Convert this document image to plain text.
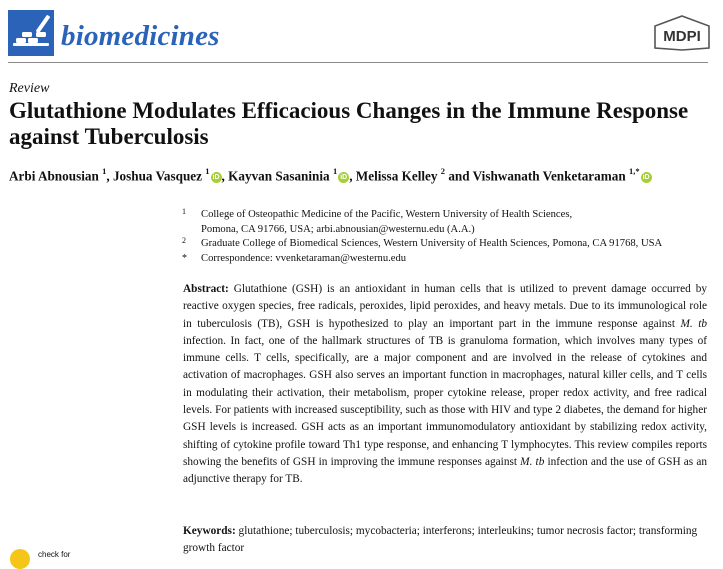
biomedicines	MDPI
Review
Glutathione Modulates Efficacious Changes in the Immune Response against Tuberculosis
Arbi Abnousian $^1$, Joshua Vasquez $^1$iD , Kayvan Sasaninia $^1$iD , Melissa Kelley $^2$ and Vishwanath Venketaraman $^{1,*}$iD
1 College of Osteopathic Medicine of the Pacific, Western University of Health Sciences,
Pomona, CA 91766, USA; arbi.abnousian@westernu.edu (A.A.)
2 Graduate College of Biomedical Sciences, Western University of Health Sciences, Pomona, CA 91768, USA
* Correspondence: vvenketaraman@westernu.edu
Abstract: Glutathione (GSH) is an antioxidant in human cells that is utilized to prevent damage occurred by reactive oxygen species, free radicals, peroxides, lipid peroxides, and heavy metals. Due to its immunological role in tuberculosis (TB), GSH is hypothesized to play an important part in the immune response against M. tb infection. In fact, one of the hallmark structures of TB is granuloma formation, which involves many types of immune cells. T cells, specifically, are a major component and are involved in the release of cytokines and activation of macrophages. GSH also serves an important function in macrophages, natural killer cells, and T cells in modulating their activation, their metabolism, proper cytokine release, proper redox activity, and free radical levels. For patients with increased susceptibility, such as those with HIV and type 2 diabetes, the demand for higher GSH levels is increased. GSH acts as an important immunomodulatory antioxidant by stabilizing redox activity, shifting of cytokine profile toward Th1 type response, and enhancing T lymphocytes. This review compiles reports showing the benefits of GSH in improving the immune responses against M. tb infection and the use of GSH as an adjunctive therapy for TB.
Keywords: glutathione; tuberculosis; mycobacteria; interferons; interleukins; tumor necrosis factor; transforming growth factor
check for
